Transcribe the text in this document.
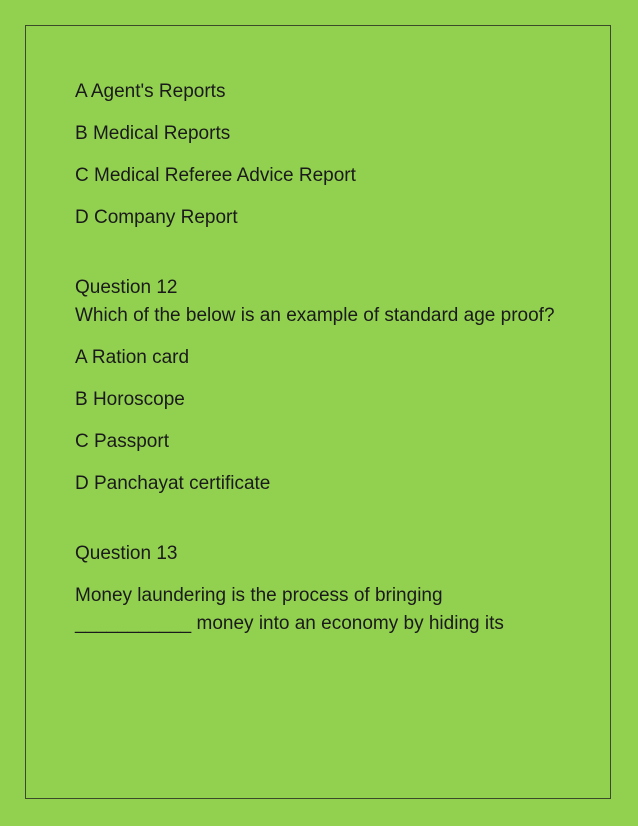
A Agent's Reports

B Medical Reports

C Medical Referee Advice Report

D Company Report

Question 12

Which of the below is an example of standard age proof?

A Ration card

B Horoscope

C Passport

D Panchayat certificate

Question 13

Money laundering is the process of bringing

___________ money into an economy by hiding its
